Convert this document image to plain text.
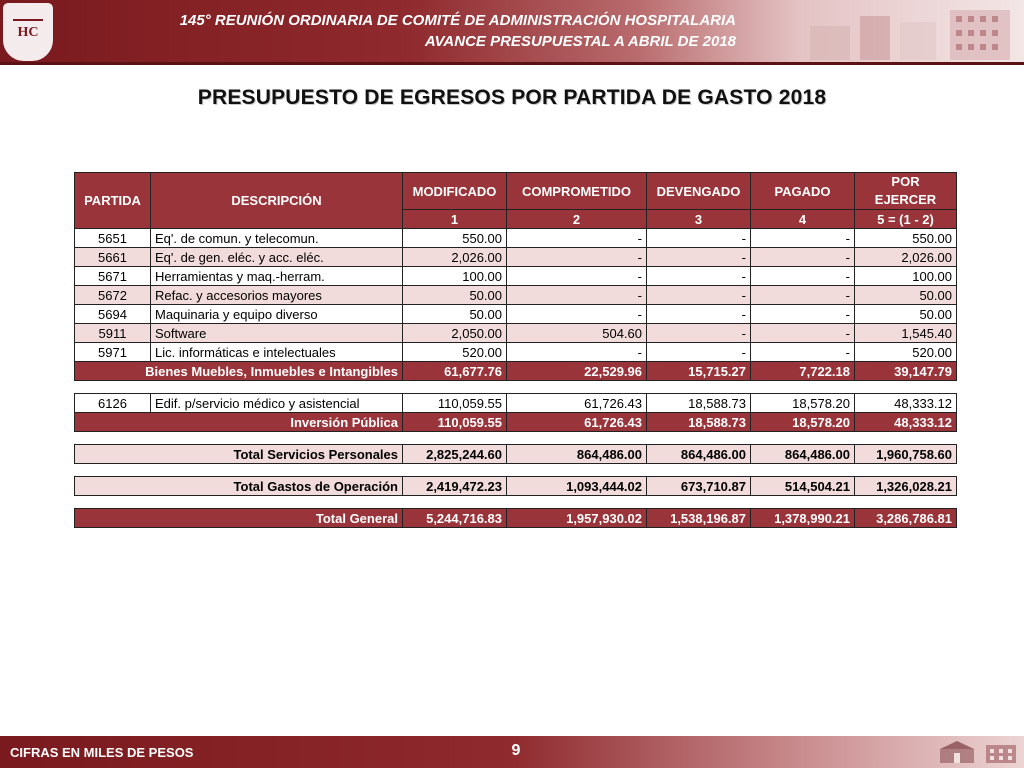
HC
145° REUNIÓN ORDINARIA DE COMITÉ DE ADMINISTRACIÓN HOSPITALARIA
AVANCE PRESUPUESTAL A ABRIL DE 2018
PRESUPUESTO DE EGRESOS POR PARTIDA DE GASTO 2018
PARTIDA	DESCRIPCIÓN	MODIFICADO	COMPROMETIDO	DEVENGADO	PAGADO	POR EJERCER
		1	2	3	4	5 = (1 - 2)
5651	Eq'. de comun. y telecomun.	550.00	-	-	-	550.00
5661	Eq'. de gen. eléc. y acc. eléc.	2,026.00	-	-	-	2,026.00
5671	Herramientas y maq.-herram.	100.00	-	-	-	100.00
5672	Refac. y accesorios mayores	50.00	-	-	-	50.00
5694	Maquinaria y equipo diverso	50.00	-	-	-	50.00
5911	Software	2,050.00	504.60	-	-	1,545.40
5971	Lic. informáticas e intelectuales	520.00	-	-	-	520.00
Bienes Muebles, Inmuebles e Intangibles		61,677.76	22,529.96	15,715.27	7,722.18	39,147.79

6126	Edif. p/servicio médico y asistencial	110,059.55	61,726.43	18,588.73	18,578.20	48,333.12
Inversión Pública		110,059.55	61,726.43	18,588.73	18,578.20	48,333.12

Total Servicios Personales		2,825,244.60	864,486.00	864,486.00	864,486.00	1,960,758.60

Total Gastos de Operación		2,419,472.23	1,093,444.02	673,710.87	514,504.21	1,326,028.21

Total General		5,244,716.83	1,957,930.02	1,538,196.87	1,378,990.21	3,286,786.81
CIFRAS EN MILES DE PESOS	9
